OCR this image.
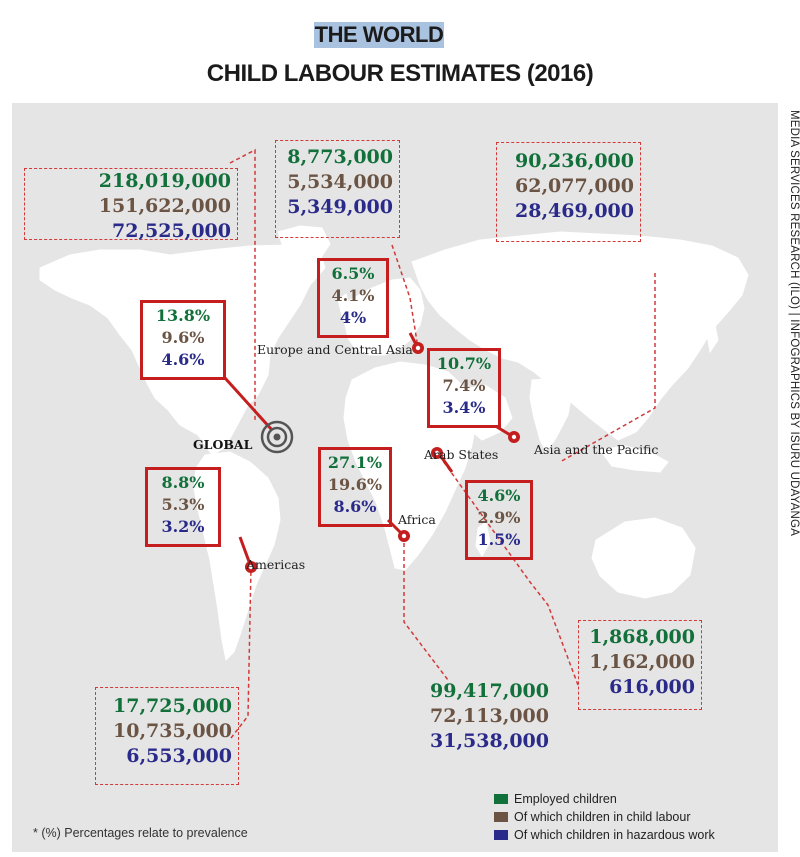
THE WORLD
CHILD LABOUR ESTIMATES (2016)
MEDIA SERVICES RESEARCH (ILO) | INFOGRAPHICS BY ISURU UDAYANGA
218,019,000
151,622,000
72,525,000
13.8%
9.6%
4.6%
GLOBAL
8,773,000
5,534,000
5,349,000
6.5%
4.1%
4%
Europe and Central Asia
90,236,000
62,077,000
28,469,000
10.7%
7.4%
3.4%
Asia and the Pacific
27.1%
19.6%
8.6%
Africa
99,417,000
72,113,000
31,538,000
Arab States
4.6%
2.9%
1.5%
1,868,000
1,162,000
616,000
8.8%
5.3%
3.2%
Americas
17,725,000
10,735,000
6,553,000
Employed children
Of which children in child labour
Of which children in hazardous work
* (%) Percentages relate to prevalence
